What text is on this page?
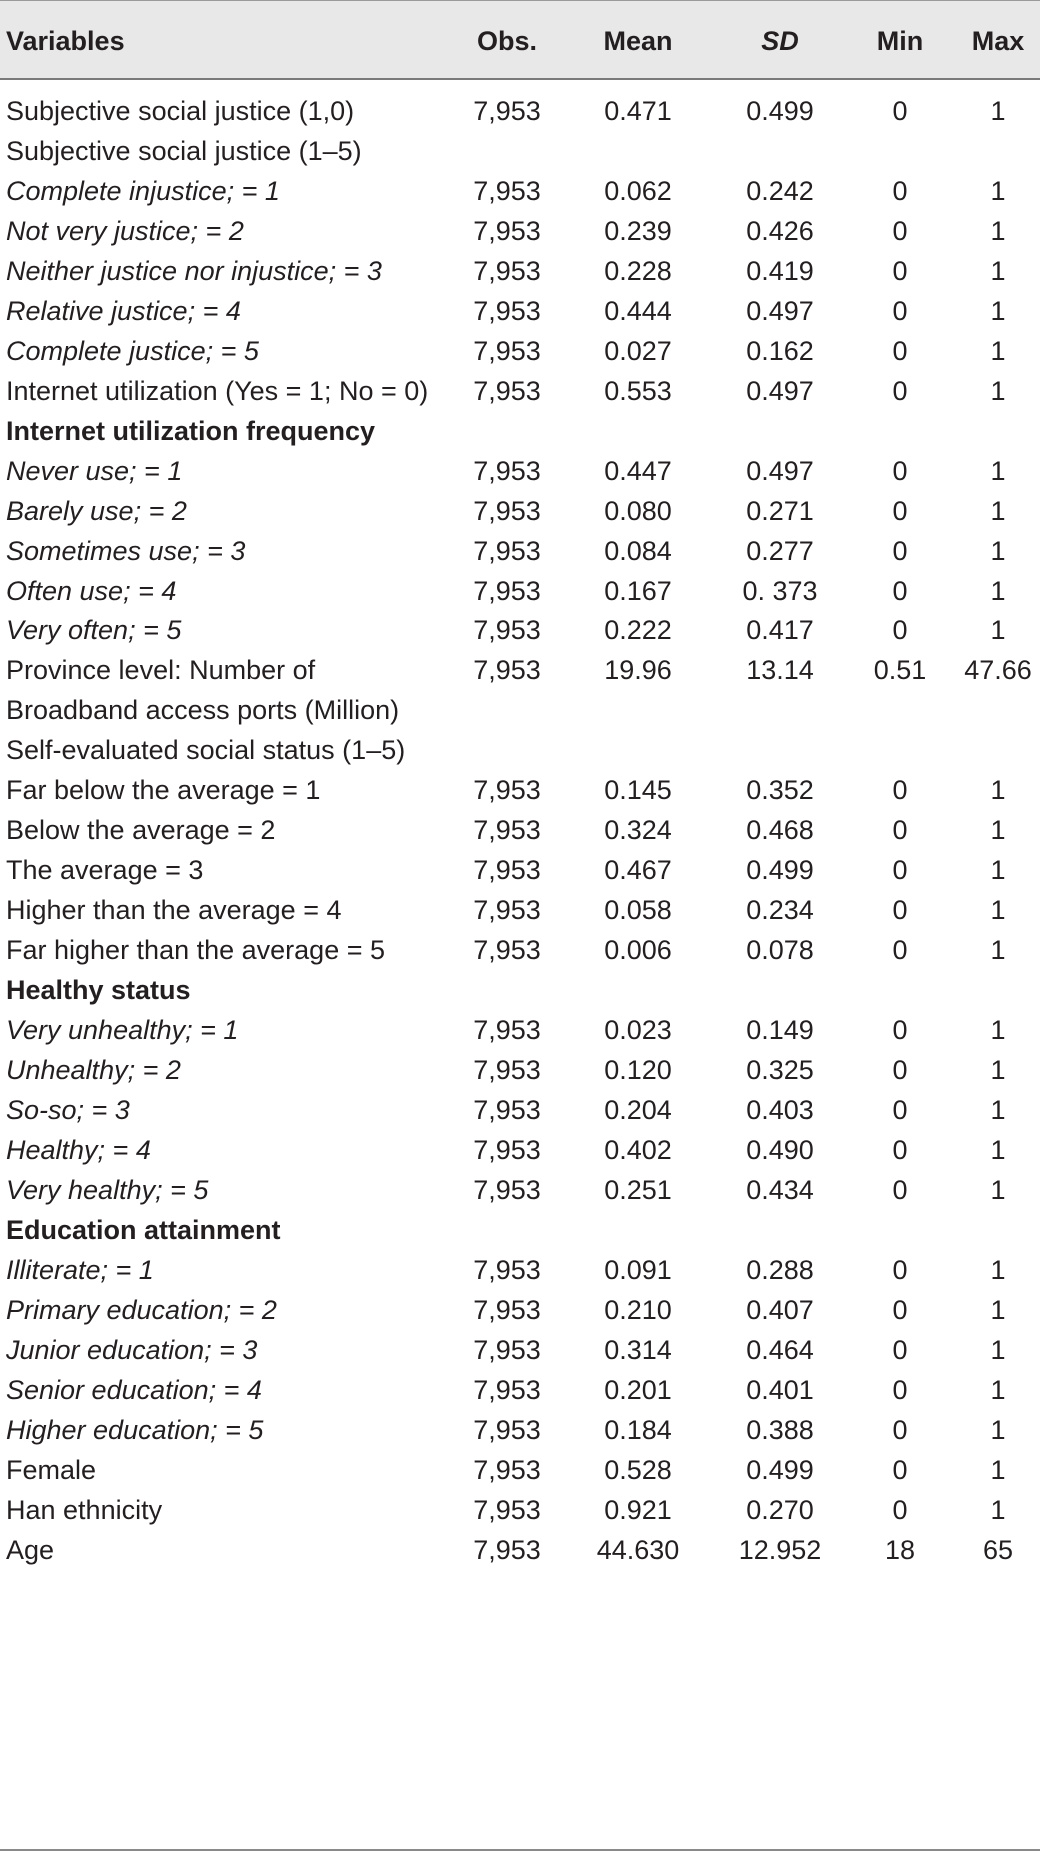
Variables	Obs.	Mean	SD	Min	Max
Subjective social justice (1,0)	7,953	0.471	0.499	0	1
Subjective social justice (1–5)
Complete injustice; = 1	7,953	0.062	0.242	0	1
Not very justice; = 2	7,953	0.239	0.426	0	1
Neither justice nor injustice; = 3	7,953	0.228	0.419	0	1
Relative justice; = 4	7,953	0.444	0.497	0	1
Complete justice; = 5	7,953	0.027	0.162	0	1
Internet utilization (Yes = 1; No = 0)	7,953	0.553	0.497	0	1
Internet utilization frequency
Never use; = 1	7,953	0.447	0.497	0	1
Barely use; = 2	7,953	0.080	0.271	0	1
Sometimes use; = 3	7,953	0.084	0.277	0	1
Often use; = 4	7,953	0.167	0. 373	0	1
Very often; = 5	7,953	0.222	0.417	0	1
Province level: Number of	7,953	19.96	13.14	0.51	47.66
Broadband access ports (Million)
Self-evaluated social status (1–5)
Far below the average = 1	7,953	0.145	0.352	0	1
Below the average = 2	7,953	0.324	0.468	0	1
The average = 3	7,953	0.467	0.499	0	1
Higher than the average = 4	7,953	0.058	0.234	0	1
Far higher than the average = 5	7,953	0.006	0.078	0	1
Healthy status
Very unhealthy; = 1	7,953	0.023	0.149	0	1
Unhealthy; = 2	7,953	0.120	0.325	0	1
So-so; = 3	7,953	0.204	0.403	0	1
Healthy; = 4	7,953	0.402	0.490	0	1
Very healthy; = 5	7,953	0.251	0.434	0	1
Education attainment
Illiterate; = 1	7,953	0.091	0.288	0	1
Primary education; = 2	7,953	0.210	0.407	0	1
Junior education; = 3	7,953	0.314	0.464	0	1
Senior education; = 4	7,953	0.201	0.401	0	1
Higher education; = 5	7,953	0.184	0.388	0	1
Female	7,953	0.528	0.499	0	1
Han ethnicity	7,953	0.921	0.270	0	1
Age	7,953	44.630	12.952	18	65
